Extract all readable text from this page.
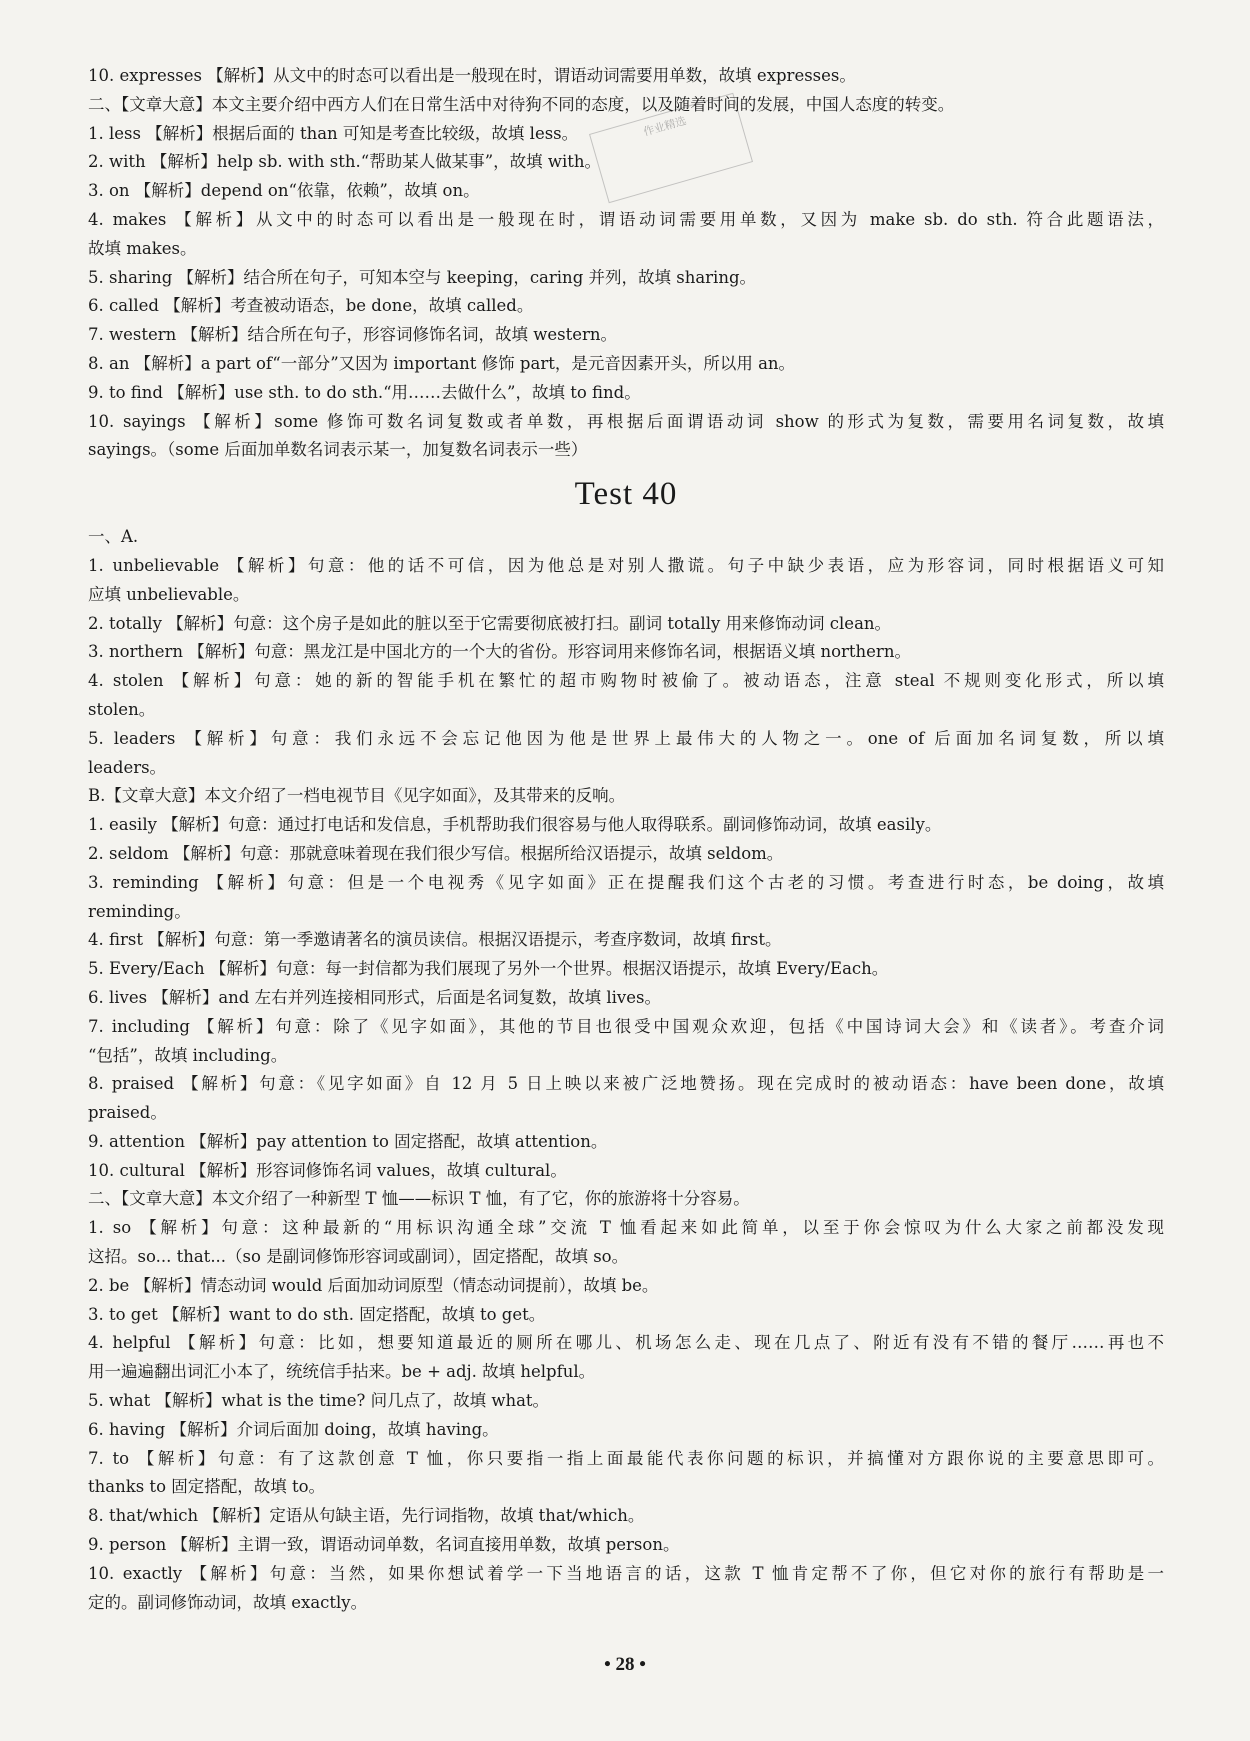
作业精选
10. expresses 【解析】从文中的时态可以看出是一般现在时，谓语动词需要用单数，故填 expresses。
二、【文章大意】本文主要介绍中西方人们在日常生活中对待狗不同的态度，以及随着时间的发展，中国人态度的转变。
1. less 【解析】根据后面的 than 可知是考查比较级，故填 less。
2. with 【解析】help sb. with sth.“帮助某人做某事”，故填 with。
3. on 【解析】depend on“依靠，依赖”，故填 on。
4. makes 【解析】从文中的时态可以看出是一般现在时，谓语动词需要用单数，又因为 make sb. do sth. 符合此题语法，
故填 makes。
5. sharing 【解析】结合所在句子，可知本空与 keeping，caring 并列，故填 sharing。
6. called 【解析】考查被动语态，be done，故填 called。
7. western 【解析】结合所在句子，形容词修饰名词，故填 western。
8. an 【解析】a part of“一部分”又因为 important 修饰 part，是元音因素开头，所以用 an。
9. to find 【解析】use sth. to do sth.“用……去做什么”，故填 to find。
10. sayings 【解析】some 修饰可数名词复数或者单数，再根据后面谓语动词 show 的形式为复数，需要用名词复数，故填
sayings。（some 后面加单数名词表示某一，加复数名词表示一些）
Test 40
一、A.
1. unbelievable 【解析】句意：他的话不可信，因为他总是对别人撒谎。句子中缺少表语，应为形容词，同时根据语义可知
应填 unbelievable。
2. totally 【解析】句意：这个房子是如此的脏以至于它需要彻底被打扫。副词 totally 用来修饰动词 clean。
3. northern 【解析】句意：黑龙江是中国北方的一个大的省份。形容词用来修饰名词，根据语义填 northern。
4. stolen 【解析】句意：她的新的智能手机在繁忙的超市购物时被偷了。被动语态，注意 steal 不规则变化形式，所以填
stolen。
5. leaders 【解析】句意：我们永远不会忘记他因为他是世界上最伟大的人物之一。one of 后面加名词复数，所以填
leaders。
B.【文章大意】本文介绍了一档电视节目《见字如面》，及其带来的反响。
1. easily 【解析】句意：通过打电话和发信息，手机帮助我们很容易与他人取得联系。副词修饰动词，故填 easily。
2. seldom 【解析】句意：那就意味着现在我们很少写信。根据所给汉语提示，故填 seldom。
3. reminding 【解析】句意：但是一个电视秀《见字如面》正在提醒我们这个古老的习惯。考查进行时态，be doing，故填
reminding。
4. first 【解析】句意：第一季邀请著名的演员读信。根据汉语提示，考查序数词，故填 first。
5. Every/Each 【解析】句意：每一封信都为我们展现了另外一个世界。根据汉语提示，故填 Every/Each。
6. lives 【解析】and 左右并列连接相同形式，后面是名词复数，故填 lives。
7. including 【解析】句意：除了《见字如面》，其他的节目也很受中国观众欢迎，包括《中国诗词大会》和《读者》。考查介词
“包括”，故填 including。
8. praised 【解析】句意：《见字如面》自 12 月 5 日上映以来被广泛地赞扬。现在完成时的被动语态：have been done，故填
praised。
9. attention 【解析】pay attention to 固定搭配，故填 attention。
10. cultural 【解析】形容词修饰名词 values，故填 cultural。
二、【文章大意】本文介绍了一种新型 T 恤——标识 T 恤，有了它，你的旅游将十分容易。
1. so 【解析】句意：这种最新的“用标识沟通全球”交流 T 恤看起来如此简单，以至于你会惊叹为什么大家之前都没发现
这招。so... that...（so 是副词修饰形容词或副词），固定搭配，故填 so。
2. be 【解析】情态动词 would 后面加动词原型（情态动词提前），故填 be。
3. to get 【解析】want to do sth. 固定搭配，故填 to get。
4. helpful 【解析】句意：比如，想要知道最近的厕所在哪儿、机场怎么走、现在几点了、附近有没有不错的餐厅……再也不
用一遍遍翻出词汇小本了，统统信手拈来。be + adj. 故填 helpful。
5. what 【解析】what is the time? 问几点了，故填 what。
6. having 【解析】介词后面加 doing，故填 having。
7. to 【解析】句意：有了这款创意 T 恤，你只要指一指上面最能代表你问题的标识，并搞懂对方跟你说的主要意思即可。
thanks to 固定搭配，故填 to。
8. that/which 【解析】定语从句缺主语，先行词指物，故填 that/which。
9. person 【解析】主谓一致，谓语动词单数，名词直接用单数，故填 person。
10. exactly 【解析】句意：当然，如果你想试着学一下当地语言的话，这款 T 恤肯定帮不了你，但它对你的旅行有帮助是一
定的。副词修饰动词，故填 exactly。
• 28 •
